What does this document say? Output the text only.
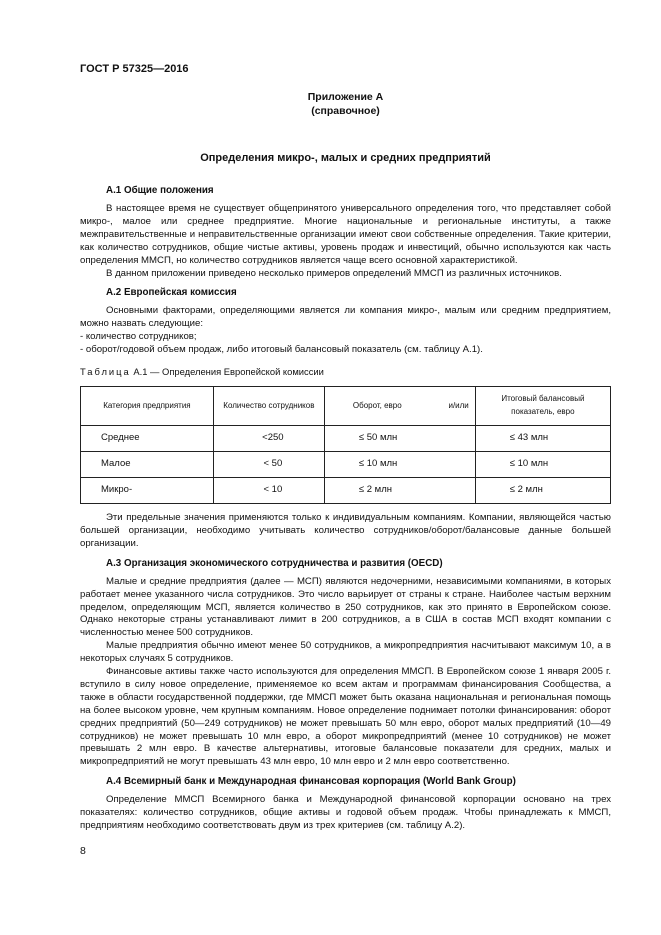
ГОСТ Р 57325—2016

Приложение А
(справочное)

Определения микро-, малых и средних предприятий

А.1 Общие положения

В настоящее время не существует общепринятого универсального определения того, что представляет собой микро-, малое или среднее предприятие. Многие национальные и региональные институты, а также межправительственные и неправительственные организации имеют свои собственные определения. Такие критерии, как количество сотрудников, общие чистые активы, уровень продаж и инвестиций, обычно используются как часть определения ММСП, но количество сотрудников является чаще всего основной характеристикой.

В данном приложении приведено несколько примеров определений ММСП из различных источников.

А.2 Европейская комиссия

Основными факторами, определяющими является ли компания микро-, малым или средним предприятием, можно назвать следующие:

- количество сотрудников;

- оборот/годовой объем продаж, либо итоговый балансовый показатель (см. таблицу А.1).

Таблица А.1 — Определения Европейской комиссии

Категория предприятия	Количество сотрудников	Оборот, евро и/или	Итоговый балансовый показатель, евро
Среднее	<250	≤ 50 млн	≤ 43 млн
Малое	< 50	≤ 10 млн	≤ 10 млн
Микро-	< 10	≤ 2 млн	≤ 2 млн

Эти предельные значения применяются только к индивидуальным компаниям. Компании, являющейся частью большей организации, необходимо учитывать количество сотрудников/оборот/балансовые данные большей организации.

А.3 Организация экономического сотрудничества и развития (OECD)

Малые и средние предприятия (далее — МСП) являются недочерними, независимыми компаниями, в которых работает менее указанного числа сотрудников. Это число варьирует от страны к стране. Наиболее частым верхним пределом, определяющим МСП, является количество в 250 сотрудников, как это принято в Европейском союзе. Однако некоторые страны устанавливают лимит в 200 сотрудников, а в США в состав МСП входят компании с численностью менее 500 сотрудников.

Малые предприятия обычно имеют менее 50 сотрудников, а микропредприятия насчитывают максимум 10, а в некоторых случаях 5 сотрудников.

Финансовые активы также часто используются для определения ММСП. В Европейском союзе 1 января 2005 г. вступило в силу новое определение, применяемое ко всем актам и программам финансирования Сообщества, а также в области государственной поддержки, где ММСП может быть оказана национальная и региональная помощь на более высоком уровне, чем крупным компаниям. Новое определение поднимает потолки финансирования: оборот средних предприятий (50—249 сотрудников) не может превышать 50 млн евро, оборот малых предприятий (10—49 сотрудников) не может превышать 10 млн евро, а оборот микропредприятий (менее 10 сотрудников) не может превышать 2 млн евро. В качестве альтернативы, итоговые балансовые показатели для средних, малых и микропредприятий не могут превышать 43 млн евро, 10 млн евро и 2 млн евро соответственно.

А.4 Всемирный банк и Международная финансовая корпорация (World Bank Group)

Определение ММСП Всемирного банка и Международной финансовой корпорации основано на трех показателях: количество сотрудников, общие активы и годовой объем продаж. Чтобы принадлежать к ММСП, предприятиям необходимо соответствовать двум из трех критериев (см. таблицу А.2).

8
